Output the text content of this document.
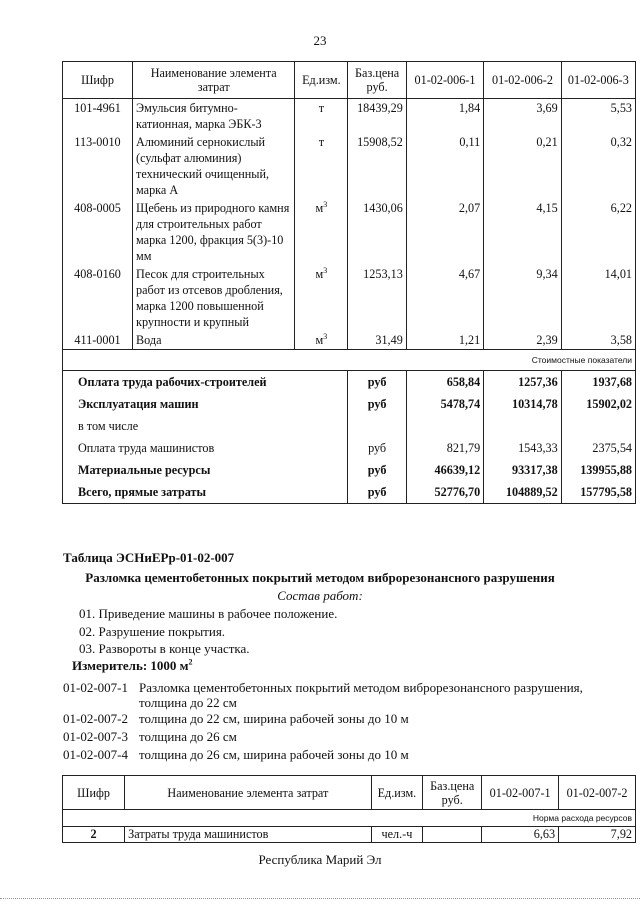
23
Шифр	Наименование элемента затрат	Ед.изм.	Баз.цена руб.	01-02-006-1	01-02-006-2	01-02-006-3
101-4961	Эмульсия битумно-катионная, марка ЭБК-3	т	18439,29	1,84	3,69	5,53
113-0010	Алюминий сернокислый (сульфат алюминия) технический очищенный, марка А	т	15908,52	0,11	0,21	0,32
408-0005	Щебень из природного камня для строительных работ марка 1200, фракция 5(3)-10 мм	$м^3$	1430,06	2,07	4,15	6,22
408-0160	Песок для строительных работ из отсевов дробления, марка 1200 повышенной крупности и крупный	$м^3$	1253,13	4,67	9,34	14,01
411-0001	Вода	$м^3$	31,49	1,21	2,39	3,58
Стоимостные показатели						
Оплата труда рабочих-строителей			руб	658,84	1257,36	1937,68
Эксплуатация машин			руб	5478,74	10314,78	15902,02
в том числе						
Оплата труда машинистов			руб	821,79	1543,33	2375,54
Материальные ресурсы			руб	46639,12	93317,38	139955,88
Всего, прямые затраты			руб	52776,70	104889,52	157795,58
Таблица ЭСНиЕРр-01-02-007
Разломка цементобетонных покрытий методом виброрезонансного разрушения
Состав работ:
01. Приведение машины в рабочее положение.
02. Разрушение покрытия.
03. Развороты в конце участка.
Измеритель: 1000 $м^2$
01-02-007-1 Разломка цементобетонных покрытий методом виброрезонансного разрушения, толщина до 22 см
01-02-007-2 толщина до 22 см, ширина рабочей зоны до 10 м
01-02-007-3 толщина до 26 см
01-02-007-4 толщина до 26 см, ширина рабочей зоны до 10 м
Шифр	Наименование элемента затрат	Ед.изм.	Баз.цена руб.	01-02-007-1	01-02-007-2
Норма расхода ресурсов					
2	Затраты труда машинистов	чел.-ч		6,63	7,92
Республика Марий Эл
